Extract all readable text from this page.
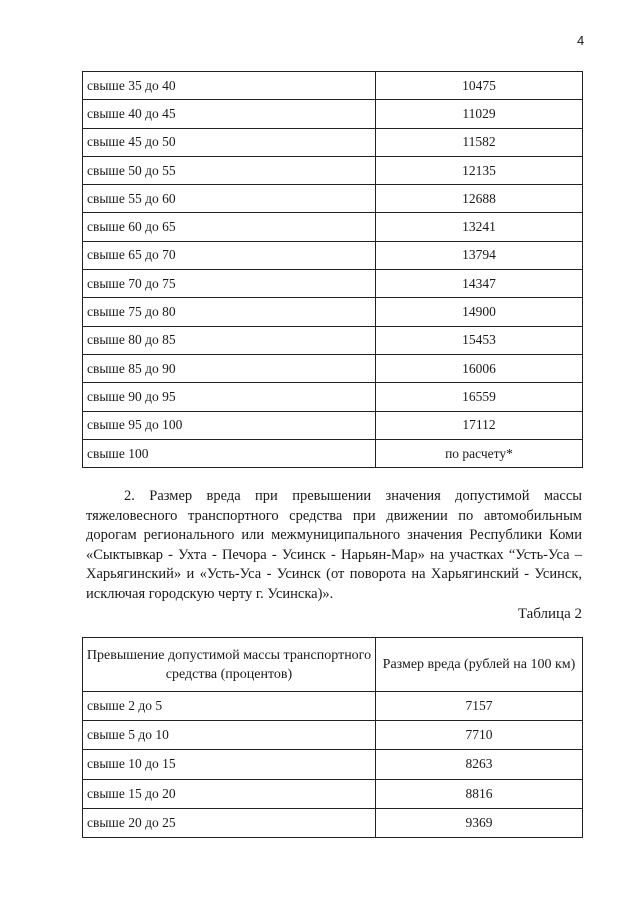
4
свыше 35 до 40	10475
свыше 40 до 45	11029
свыше 45 до 50	11582
свыше 50 до 55	12135
свыше 55 до 60	12688
свыше 60 до 65	13241
свыше 65 до 70	13794
свыше 70 до 75	14347
свыше 75 до 80	14900
свыше 80 до 85	15453
свыше 85 до 90	16006
свыше 90 до 95	16559
свыше 95 до 100	17112
свыше 100	по расчету*

2. Размер вреда при превышении значения допустимой массы тяжеловесного транспортного средства при движении по автомобильным дорогам регионального или межмуниципального значения Республики Коми «Сыктывкар - Ухта - Печора - Усинск - Нарьян-Мар» на участках “Усть-Уса – Харьягинский» и «Усть-Уса - Усинск (от поворота на Харьягинский - Усинск, исключая городскую черту г. Усинска)».

Таблица 2
Превышение допустимой массы транспортного средства (процентов)	Размер вреда (рублей на 100 км)
свыше 2 до 5	7157
свыше 5 до 10	7710
свыше 10 до 15	8263
свыше 15 до 20	8816
свыше 20 до 25	9369
